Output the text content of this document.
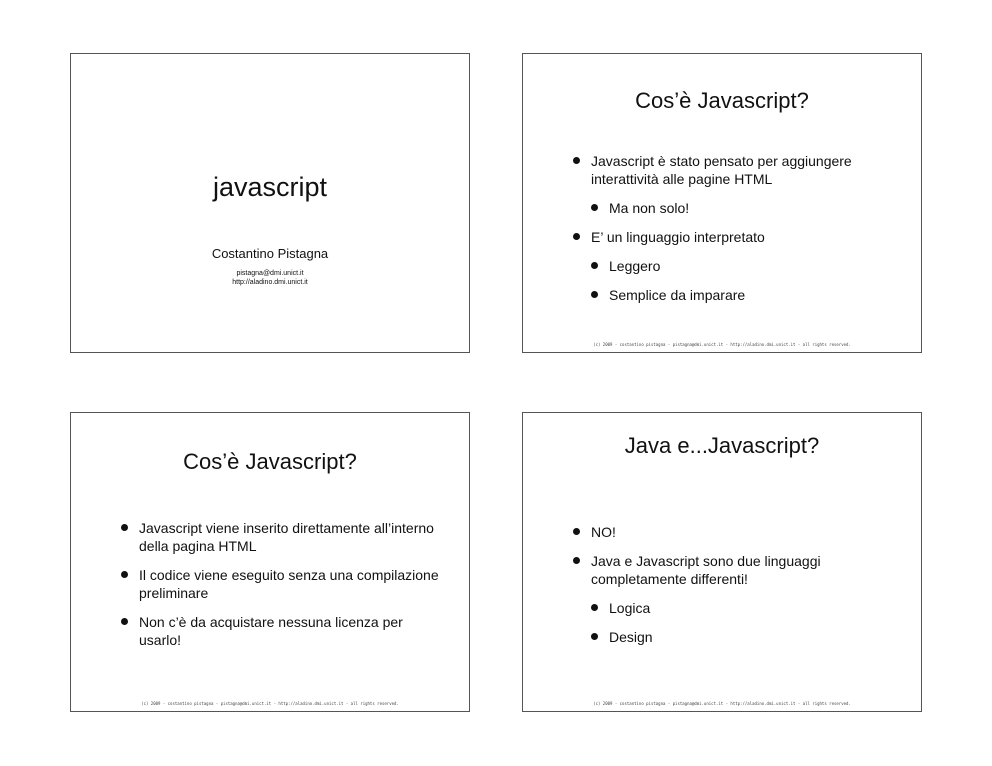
javascript
Costantino Pistagna
pistagna@dmi.unict.it
http://aladino.dmi.unict.it
Cos’è Javascript?
Javascript è stato pensato per aggiungere interattività alle pagine HTML
Ma non solo!
E’ un linguaggio interpretato
Leggero
Semplice da imparare
(c) 2009 - costantino pistagna - pistagna@dmi.unict.it - http://aladino.dmi.unict.it - all rights reserved.
Cos’è Javascript?
Javascript viene inserito direttamente all’interno della pagina HTML
Il codice viene eseguito senza una compilazione preliminare
Non c’è da acquistare nessuna licenza per usarlo!
(c) 2009 - costantino pistagna - pistagna@dmi.unict.it - http://aladino.dmi.unict.it - all rights reserved.
Java e...Javascript?
NO!
Java e Javascript sono due linguaggi completamente differenti!
Logica
Design
(c) 2009 - costantino pistagna - pistagna@dmi.unict.it - http://aladino.dmi.unict.it - all rights reserved.
